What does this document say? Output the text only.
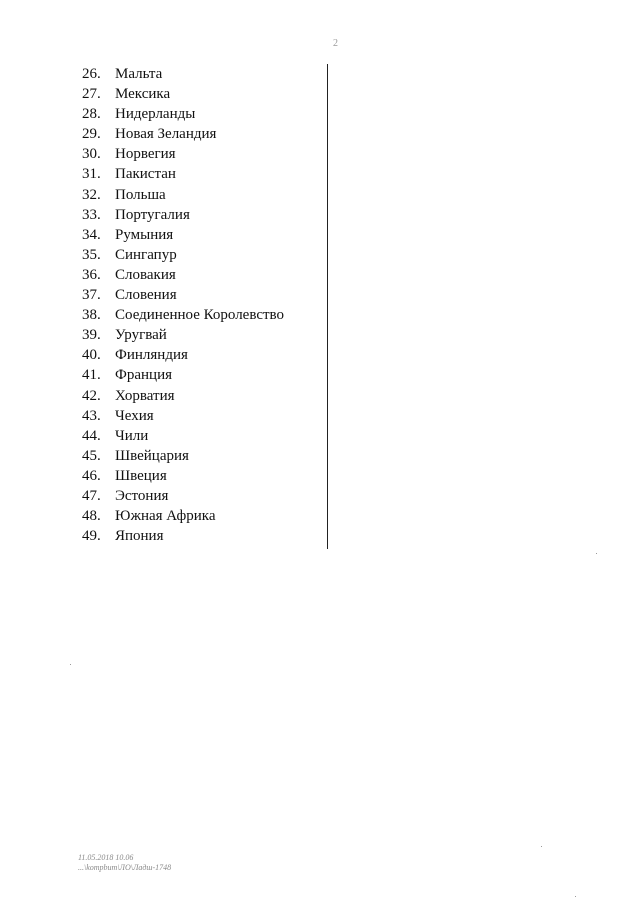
2
26. Мальта
27. Мексика
28. Нидерланды
29. Новая Зеландия
30. Норвегия
31. Пакистан
32. Польша
33. Португалия
34. Румыния
35. Сингапур
36. Словакия
37. Словения
38. Соединенное Королевство
39. Уругвай
40. Финляндия
41. Франция
42. Хорватия
43. Чехия
44. Чили
45. Швейцария
46. Швеция
47. Эстония
48. Южная Африка
49. Япония
11.05.2018 10.06
...\kompbum\ЛО\Ладш-1748
